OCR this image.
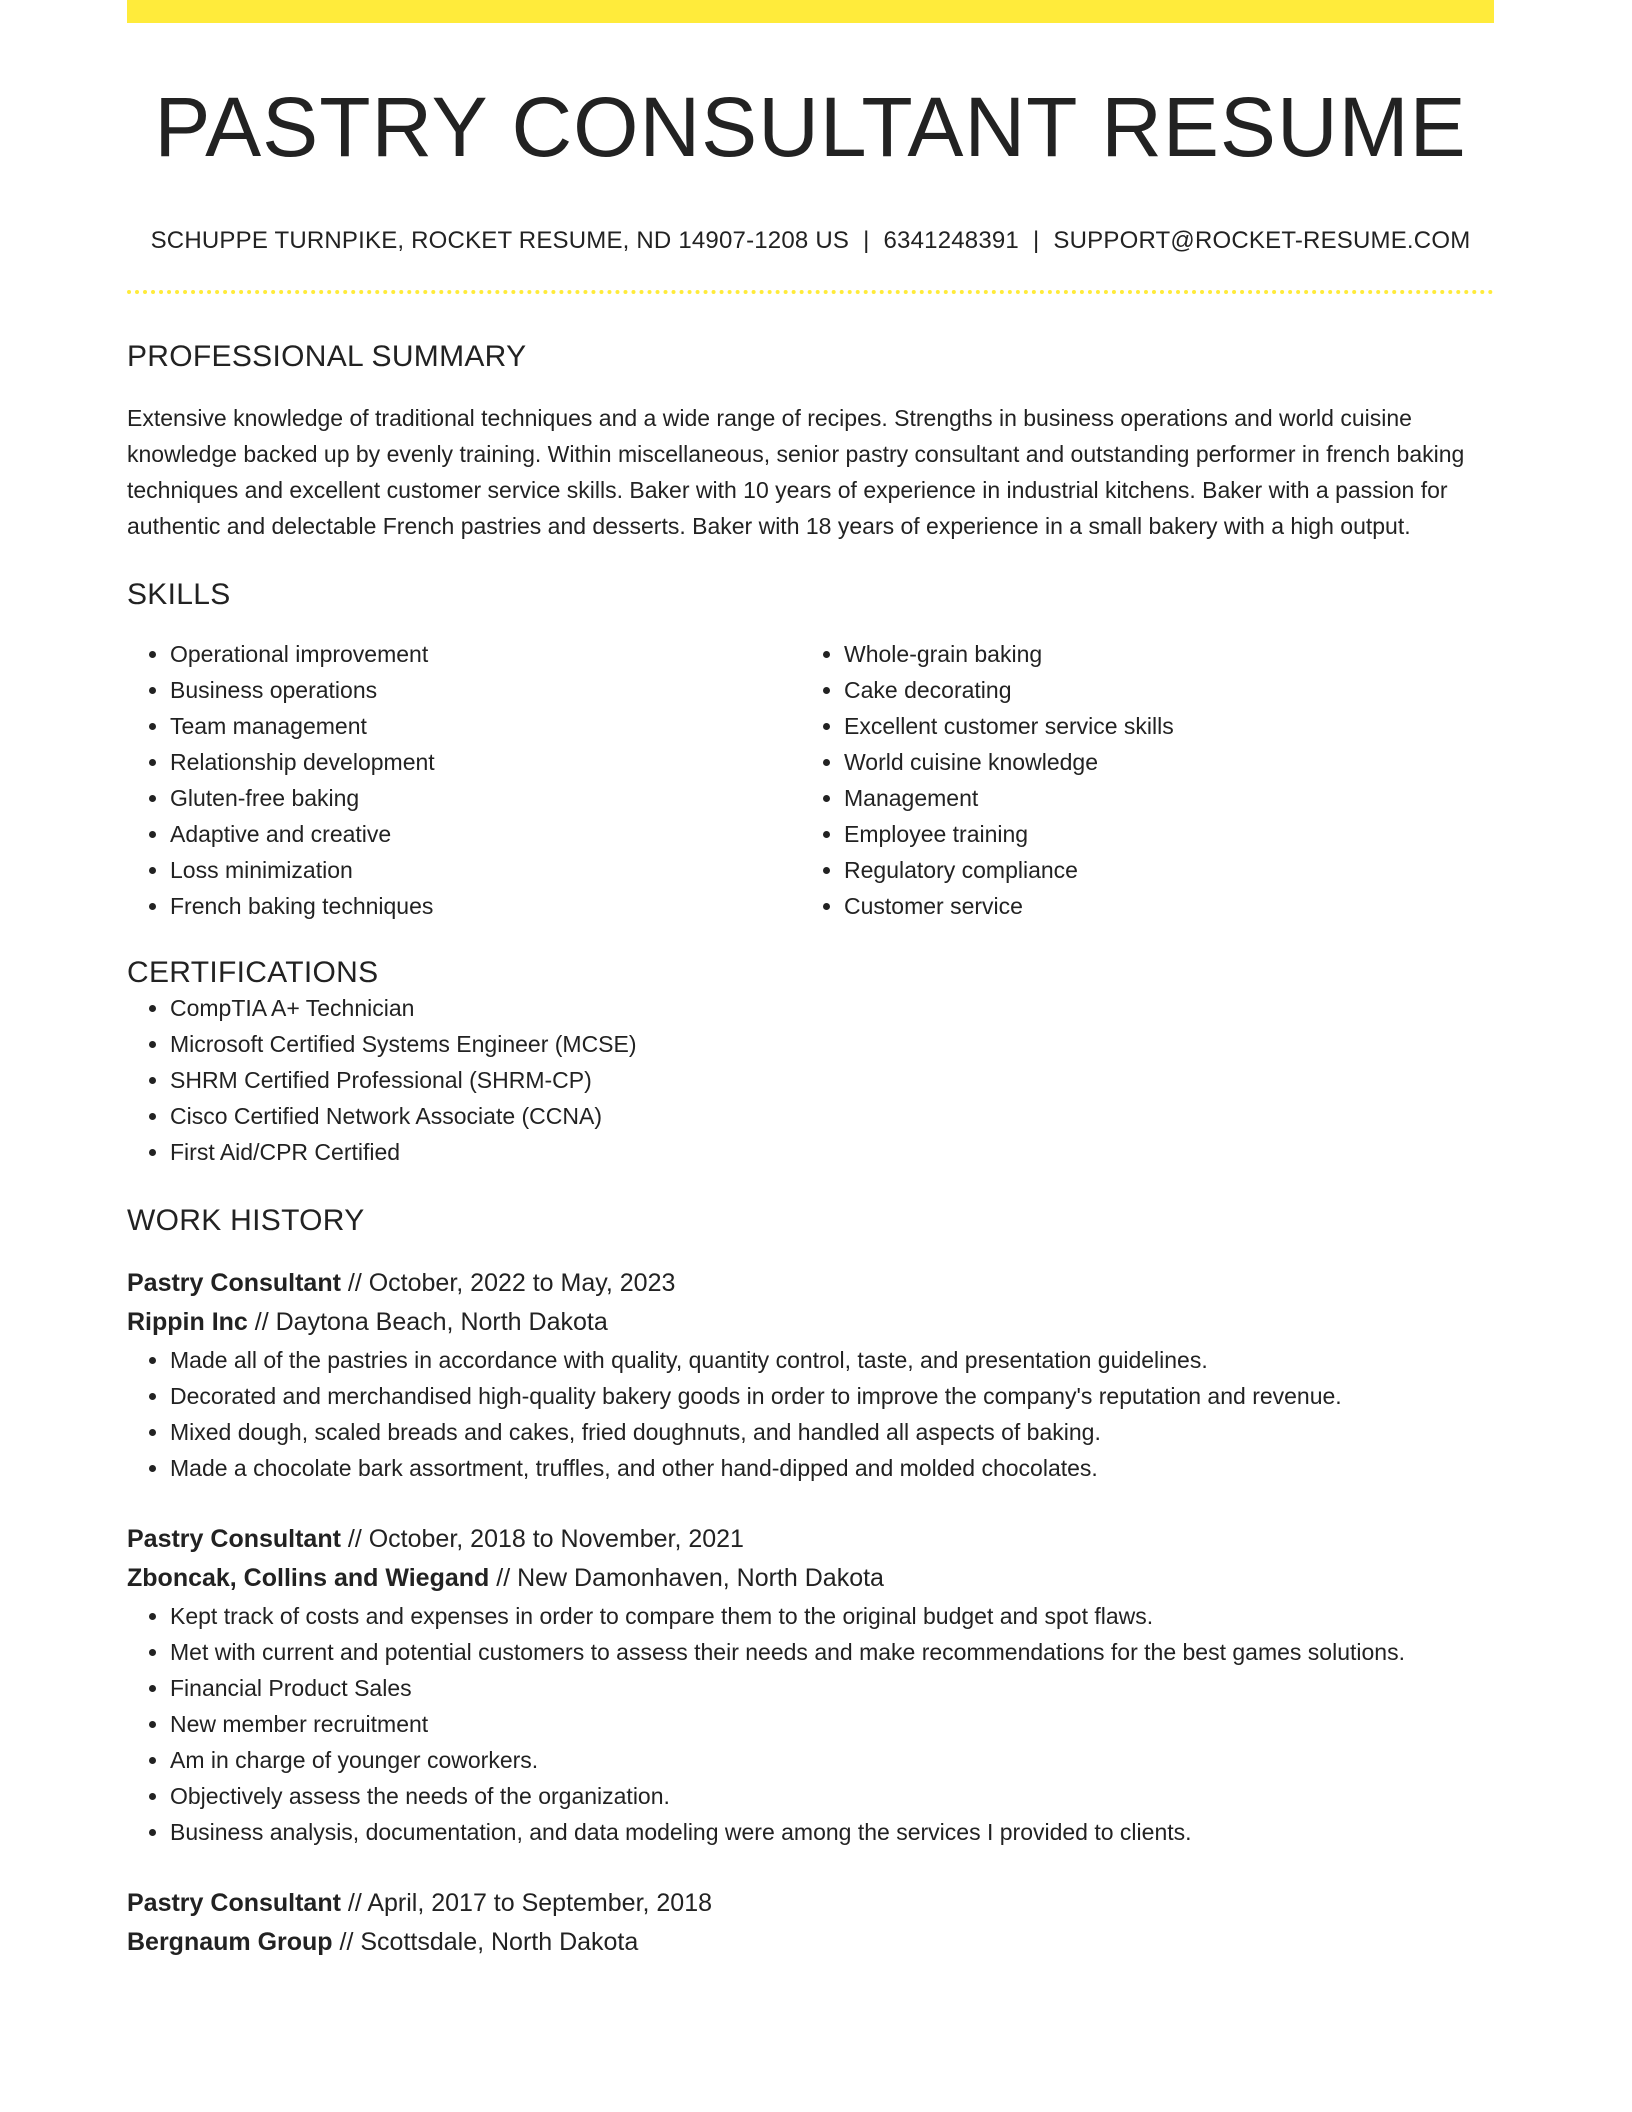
PASTRY CONSULTANT RESUME
SCHUPPE TURNPIKE, ROCKET RESUME, ND 14907-1208 US | 6341248391 | SUPPORT@ROCKET-RESUME.COM
PROFESSIONAL SUMMARY

Extensive knowledge of traditional techniques and a wide range of recipes. Strengths in business operations and world cuisine knowledge backed up by evenly training. Within miscellaneous, senior pastry consultant and outstanding performer in french baking techniques and excellent customer service skills. Baker with 10 years of experience in industrial kitchens. Baker with a passion for authentic and delectable French pastries and desserts. Baker with 18 years of experience in a small bakery with a high output.

SKILLS
• Operational improvement
• Business operations
• Team management
• Relationship development
• Gluten-free baking
• Adaptive and creative
• Loss minimization
• French baking techniques
• Whole-grain baking
• Cake decorating
• Excellent customer service skills
• World cuisine knowledge
• Management
• Employee training
• Regulatory compliance
• Customer service
CERTIFICATIONS
• CompTIA A+ Technician
• Microsoft Certified Systems Engineer (MCSE)
• SHRM Certified Professional (SHRM-CP)
• Cisco Certified Network Associate (CCNA)
• First Aid/CPR Certified
WORK HISTORY
Pastry Consultant // October, 2022 to May, 2023
Rippin Inc // Daytona Beach, North Dakota
• Made all of the pastries in accordance with quality, quantity control, taste, and presentation guidelines.
• Decorated and merchandised high-quality bakery goods in order to improve the company's reputation and revenue.
• Mixed dough, scaled breads and cakes, fried doughnuts, and handled all aspects of baking.
• Made a chocolate bark assortment, truffles, and other hand-dipped and molded chocolates.
Pastry Consultant // October, 2018 to November, 2021
Zboncak, Collins and Wiegand // New Damonhaven, North Dakota
• Kept track of costs and expenses in order to compare them to the original budget and spot flaws.
• Met with current and potential customers to assess their needs and make recommendations for the best games solutions.
• Financial Product Sales
• New member recruitment
• Am in charge of younger coworkers.
• Objectively assess the needs of the organization.
• Business analysis, documentation, and data modeling were among the services I provided to clients.
Pastry Consultant // April, 2017 to September, 2018
Bergnaum Group // Scottsdale, North Dakota
